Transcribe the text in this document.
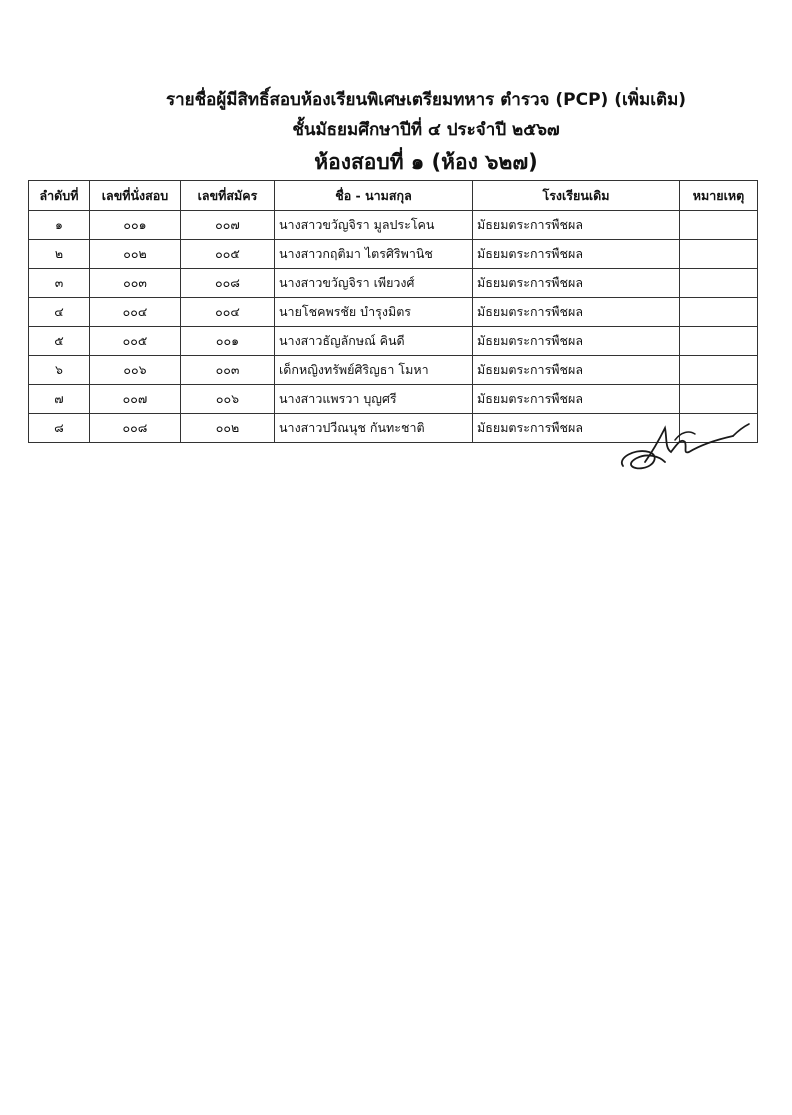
รายชื่อผู้มีสิทธิ์สอบห้องเรียนพิเศษเตรียมทหาร ตำรวจ (PCP) (เพิ่มเติม)
ชั้นมัธยมศึกษาปีที่ ๔ ประจำปี ๒๕๖๗
ห้องสอบที่ ๑ (ห้อง ๖๒๗)
ลำดับที่	เลขที่นั่งสอบ	เลขที่สมัคร	ชื่อ - นามสกุล	โรงเรียนเดิม	หมายเหตุ
๑	๐๐๑	๐๐๗	นางสาวขวัญจิรา มูลประโคน	มัธยมตระการพืชผล	
๒	๐๐๒	๐๐๕	นางสาวกฤติมา ไตรศิริพานิช	มัธยมตระการพืชผล	
๓	๐๐๓	๐๐๘	นางสาวขวัญจิรา เพียวงศ์	มัธยมตระการพืชผล	
๔	๐๐๔	๐๐๔	นายโชคพรชัย บำรุงมิตร	มัธยมตระการพืชผล	
๕	๐๐๕	๐๐๑	นางสาวธัญลักษณ์ คินดี	มัธยมตระการพืชผล	
๖	๐๐๖	๐๐๓	เด็กหญิงทรัพย์ศิริญธา โมหา	มัธยมตระการพืชผล	
๗	๐๐๗	๐๐๖	นางสาวแพรวา บุญศรี	มัธยมตระการพืชผล	
๘	๐๐๘	๐๐๒	นางสาวปวีณนุช กันทะชาติ	มัธยมตระการพืชผล	
